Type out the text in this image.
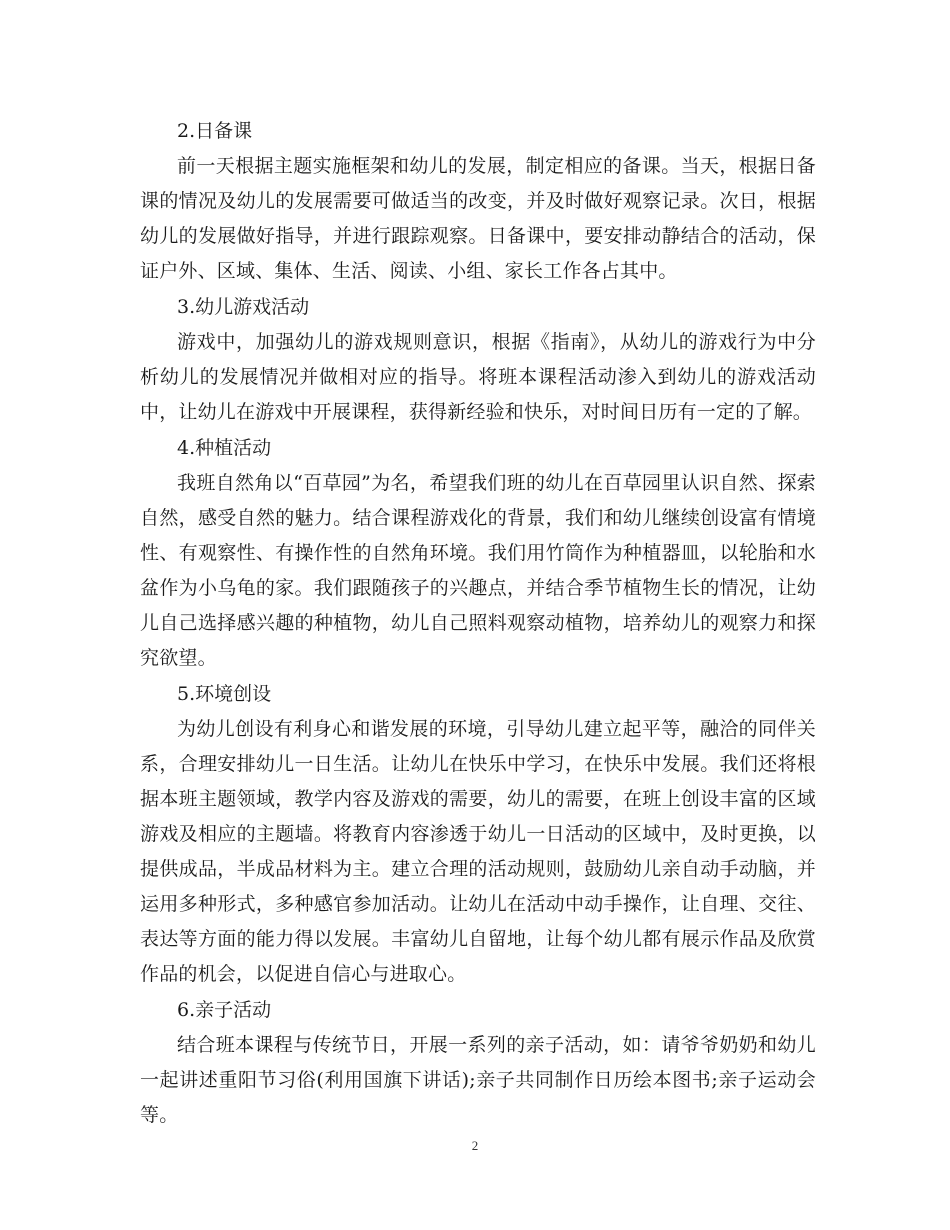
2.日备课

前一天根据主题实施框架和幼儿的发展，制定相应的备课。当天，根据日备课的情况及幼儿的发展需要可做适当的改变，并及时做好观察记录。次日，根据幼儿的发展做好指导，并进行跟踪观察。日备课中，要安排动静结合的活动，保证户外、区域、集体、生活、阅读、小组、家长工作各占其中。

3.幼儿游戏活动

游戏中，加强幼儿的游戏规则意识，根据《指南》，从幼儿的游戏行为中分析幼儿的发展情况并做相对应的指导。将班本课程活动渗入到幼儿的游戏活动中，让幼儿在游戏中开展课程，获得新经验和快乐，对时间日历有一定的了解。

4.种植活动

我班自然角以“百草园”为名，希望我们班的幼儿在百草园里认识自然、探索自然，感受自然的魅力。结合课程游戏化的背景，我们和幼儿继续创设富有情境性、有观察性、有操作性的自然角环境。我们用竹筒作为种植器皿，以轮胎和水盆作为小乌龟的家。我们跟随孩子的兴趣点，并结合季节植物生长的情况，让幼儿自己选择感兴趣的种植物，幼儿自己照料观察动植物，培养幼儿的观察力和探究欲望。

5.环境创设

为幼儿创设有利身心和谐发展的环境，引导幼儿建立起平等，融洽的同伴关系，合理安排幼儿一日生活。让幼儿在快乐中学习，在快乐中发展。我们还将根据本班主题领域，教学内容及游戏的需要，幼儿的需要，在班上创设丰富的区域游戏及相应的主题墙。将教育内容渗透于幼儿一日活动的区域中，及时更换，以提供成品，半成品材料为主。建立合理的活动规则，鼓励幼儿亲自动手动脑，并运用多种形式，多种感官参加活动。让幼儿在活动中动手操作，让自理、交往、表达等方面的能力得以发展。丰富幼儿自留地，让每个幼儿都有展示作品及欣赏作品的机会，以促进自信心与进取心。

6.亲子活动

结合班本课程与传统节日，开展一系列的亲子活动，如：请爷爷奶奶和幼儿一起讲述重阳节习俗(利用国旗下讲话);亲子共同制作日历绘本图书;亲子运动会等。

2
